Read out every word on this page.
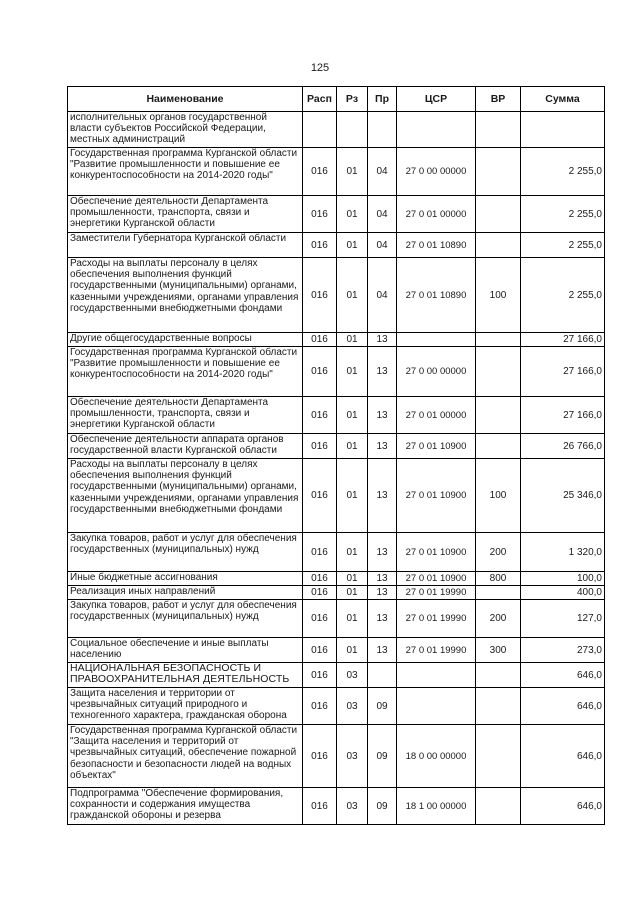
125
Наименование	Расп	Рз	Пр	ЦСР	ВР	Сумма
исполнительных органов государственной власти субъектов Российской Федерации, местных администраций						
Государственная программа Курганской области "Развитие промышленности и повышение ее конкурентоспособности на 2014-2020 годы"	016	01	04	27 0 00 00000		2 255,0
Обеспечение деятельности Департамента промышленности, транспорта, связи и энергетики Курганской области	016	01	04	27 0 01 00000		2 255,0
Заместители Губернатора Курганской области	016	01	04	27 0 01 10890		2 255,0
Расходы на выплаты персоналу в целях обеспечения выполнения функций государственными (муниципальными) органами, казенными учреждениями, органами управления государственными внебюджетными фондами	016	01	04	27 0 01 10890	100	2 255,0
Другие общегосударственные вопросы	016	01	13			27 166,0
Государственная программа Курганской области "Развитие промышленности и повышение ее конкурентоспособности на 2014-2020 годы"	016	01	13	27 0 00 00000		27 166,0
Обеспечение деятельности Департамента промышленности, транспорта, связи и энергетики Курганской области	016	01	13	27 0 01 00000		27 166,0
Обеспечение деятельности аппарата органов государственной власти Курганской области	016	01	13	27 0 01 10900		26 766,0
Расходы на выплаты персоналу в целях обеспечения выполнения функций государственными (муниципальными) органами, казенными учреждениями, органами управления государственными внебюджетными фондами	016	01	13	27 0 01 10900	100	25 346,0
Закупка товаров, работ и услуг для обеспечения государственных (муниципальных) нужд	016	01	13	27 0 01 10900	200	1 320,0
Иные бюджетные ассигнования	016	01	13	27 0 01 10900	800	100,0
Реализация иных направлений	016	01	13	27 0 01 19990		400,0
Закупка товаров, работ и услуг для обеспечения государственных (муниципальных) нужд	016	01	13	27 0 01 19990	200	127,0
Социальное обеспечение и иные выплаты населению	016	01	13	27 0 01 19990	300	273,0
НАЦИОНАЛЬНАЯ БЕЗОПАСНОСТЬ И ПРАВООХРАНИТЕЛЬНАЯ ДЕЯТЕЛЬНОСТЬ	016	03				646,0
Защита населения и территории от чрезвычайных ситуаций природного и техногенного характера, гражданская оборона	016	03	09			646,0
Государственная программа Курганской области "Защита населения и территорий от чрезвычайных ситуаций, обеспечение пожарной безопасности и безопасности людей на водных объектах"	016	03	09	18 0 00 00000		646,0
Подпрограмма "Обеспечение формирования, сохранности и содержания имущества гражданской обороны и резерва	016	03	09	18 1 00 00000		646,0
